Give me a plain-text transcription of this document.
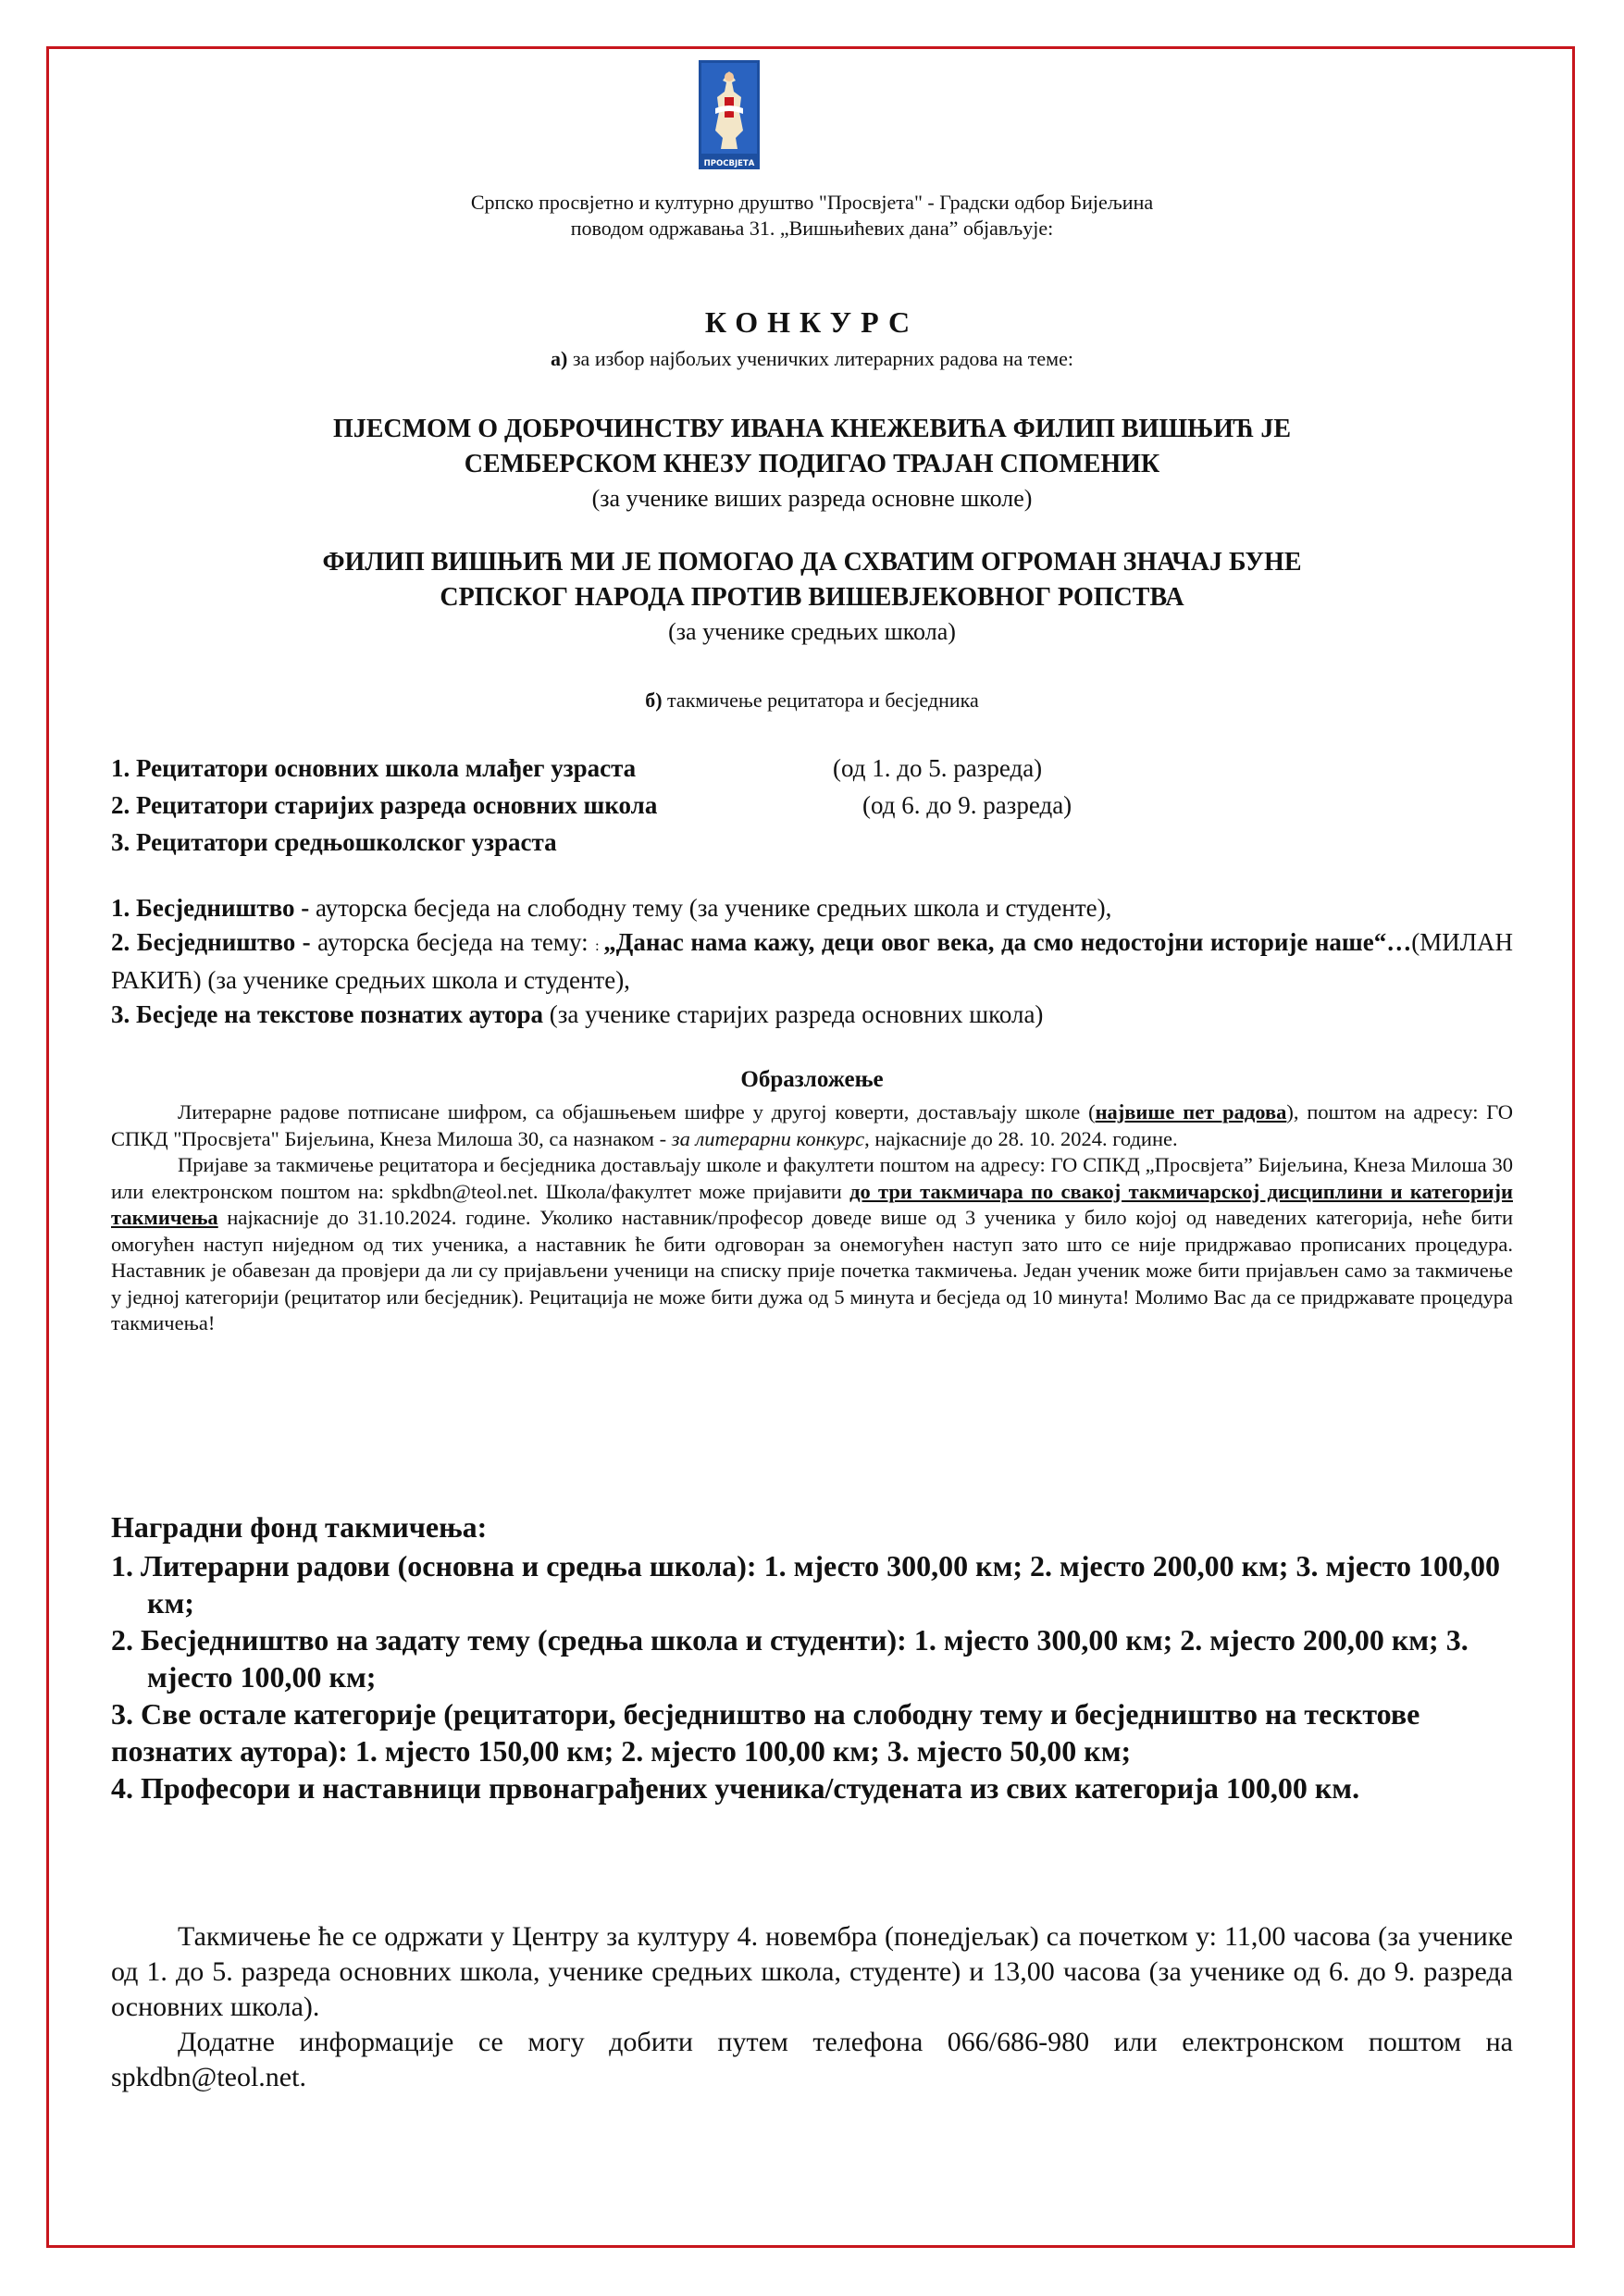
ПРОСВЈЕТА
Српско просвјетно и културно друштво "Просвјета" - Градски одбор Бијељина
поводом одржавања 31. „Вишњићевих дана” објављује:
КОНКУРС
а) за избор најбољих ученичких литерарних радова на теме:
ПЈЕСМОМ О ДОБРОЧИНСТВУ ИВАНА КНЕЖЕВИЋА ФИЛИП ВИШЊИЋ ЈЕ
СЕМБЕРСКОМ КНЕЗУ ПОДИГАО ТРАЈАН СПОМЕНИК
(за ученике виших разреда основне школе)
ФИЛИП ВИШЊИЋ МИ ЈЕ ПОМОГАО ДА СХВАТИМ ОГРОМАН ЗНАЧАЈ БУНЕ
СРПСКОГ НАРОДА ПРОТИВ ВИШЕВЈЕКОВНОГ РОПСТВА
(за ученике средњих школа)
б) такмичење рецитатора и бесједника
1. Рецитатори основних школа млађег узраста	(од 1. до 5. разреда)
2. Рецитатори старијих разреда основних школа	(од 6. до 9. разреда)
3. Рецитатори средњошколског узраста

1. Бесједништво - ауторска бесједа на слободну тему (за ученике средњих школа и студенте),

2. Бесједништво - ауторска бесједа на тему: : „Данас нама кажу, деци овог века, да смо недостојни историје наше“…(МИЛАН РАКИЋ) (за ученике средњих школа и студенте),

3. Бесједе на текстове познатих аутора (за ученике старијих разреда основних школа)

Образложење

Литерарне радове потписане шифром, са објашњењем шифре у другој коверти, достављају школе (највише пет радова), поштом на адресу: ГО СПКД "Просвјета" Бијељина, Кнеза Милоша 30, са назнаком - за литерарни конкурс, најкасније до 28. 10. 2024. године.

Пријаве за такмичење рецитатора и бесједника достављају школе и факултети поштом на адресу: ГО СПКД „Просвјета” Бијељина, Кнеза Милоша 30 или електронском поштом на: spkdbn@teol.net. Школа/факултет може пријавити до три такмичара по свакој такмичарској дисциплини и категорији такмичења најкасније до 31.10.2024. године. Уколико наставник/професор доведе више од 3 ученика у било којој од наведених категорија, неће бити омогућен наступ ниједном од тих ученика, а наставник ће бити одговоран за онемогућен наступ зато што се није придржавао прописаних процедура. Наставник је обавезан да провјери да ли су пријављени ученици на списку прије почетка такмичења. Један ученик може бити пријављен само за такмичење у једној категорији (рецитатор или бесједник). Рецитација не може бити дужа од 5 минута и бесједа од 10 минута! Молимо Вас да се придржавате процедура такмичења!

Наградни фонд такмичења:
1. Литерарни радови (основна и средња школа): 1. мјесто 300,00 км; 2. мјесто 200,00 км; 3. мјесто 100,00 км;
2. Бесједништво на задату тему (средња школа и студенти): 1. мјесто 300,00 км; 2. мјесто 200,00 км; 3. мјесто 100,00 км;
3. Све остале категорије (рецитатори, бесједништво на слободну тему и бесједништво на тесктове познатих аутора): 1. мјесто 150,00 км; 2. мјесто 100,00 км; 3. мјесто 50,00 км;
4. Професори и наставници првонаграђених ученика/студената из свих категорија 100,00 км.

Такмичење ће се одржати у Центру за културу 4. новембра (понедјељак) са почетком у: 11,00 часова (за ученике од 1. до 5. разреда основних школа, ученике средњих школа, студенте) и 13,00 часова (за ученике од 6. до 9. разреда основних школа).

Додатне информације се могу добити путем телефона 066/686-980 или електронском поштом на spkdbn@teol.net.
